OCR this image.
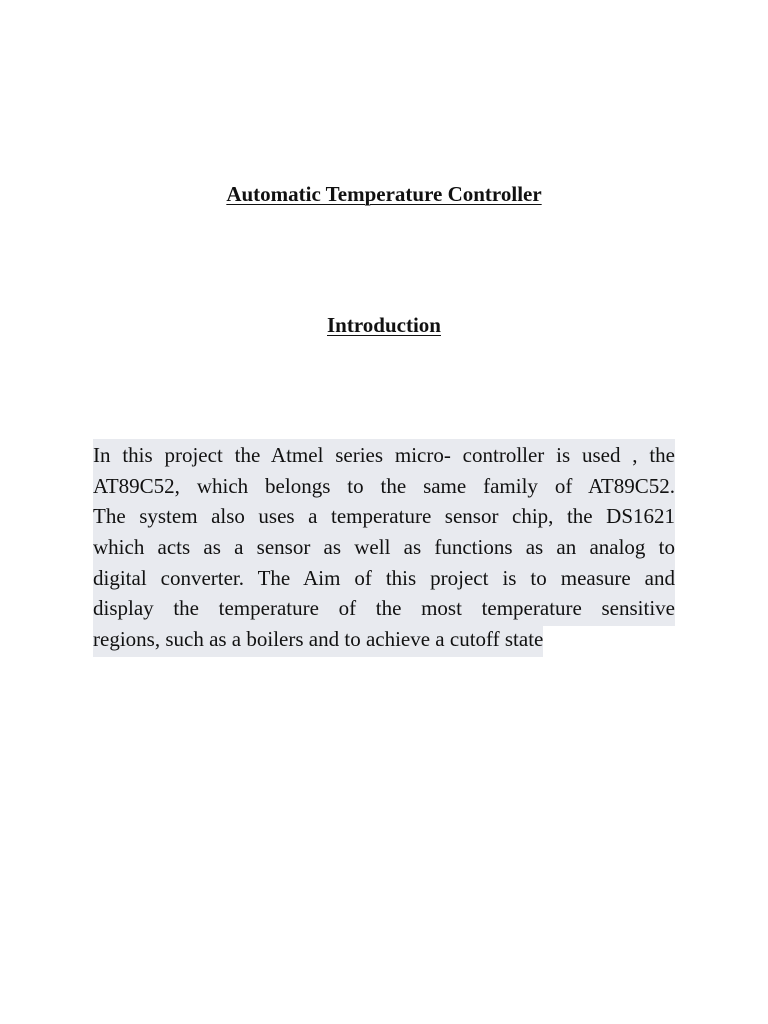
Automatic Temperature Controller
Introduction

In this project the Atmel series micro- controller is used , the
AT89C52, which belongs to the same family of AT89C52.
The system also uses a temperature sensor chip, the DS1621
which acts as a sensor as well as functions as an analog to
digital converter. The Aim of this project is to measure and
display the temperature of the most temperature sensitive
regions, such as a boilers and to achieve a cutoff state
